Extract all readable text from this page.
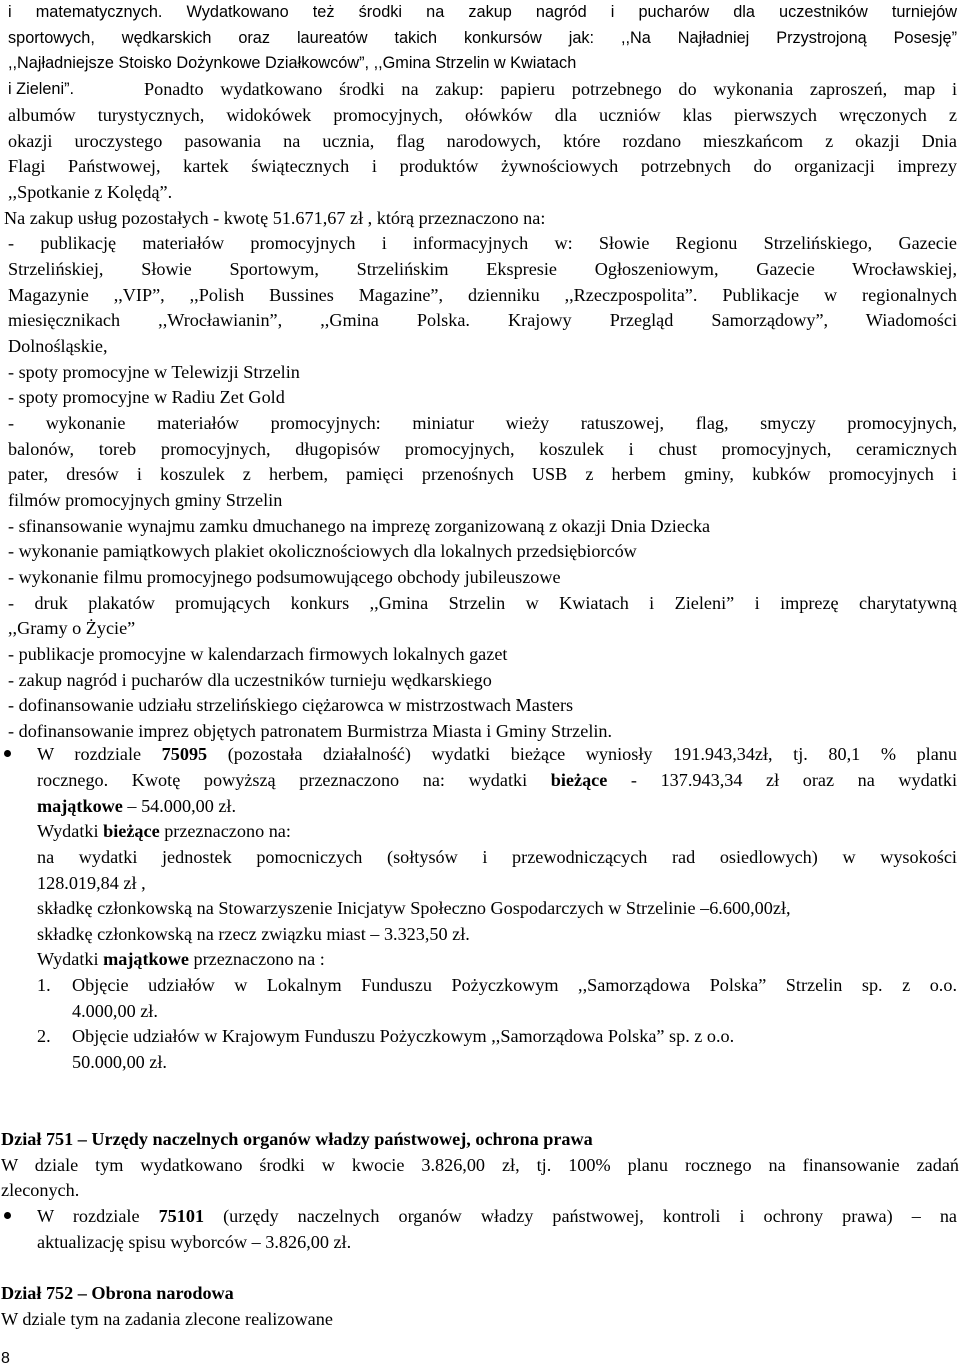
i matematycznych. Wydatkowano też środki na zakup nagród i pucharów dla uczestników turniejów
sportowych, wędkarskich oraz laureatów takich konkursów jak: ,,Na Najładniej Przystrojoną Posesję”
,,Najładniejsze Stoisko Dożynkowe Działkowców”, ,,Gmina Strzelin w Kwiatach
i Zieleni”.	Ponadto wydatkowano środki na zakup: papieru potrzebnego do wykonania zaproszeń, map i
albumów turystycznych, widokówek promocyjnych, ołówków dla uczniów klas pierwszych wręczonych z
okazji uroczystego pasowania na ucznia, flag narodowych, które rozdano mieszkańcom z okazji Dnia
Flagi Państwowej, kartek świątecznych i produktów żywnościowych potrzebnych do organizacji imprezy
,,Spotkanie z Kolędą”.
Na zakup usług pozostałych - kwotę 51.671,67 zł , którą przeznaczono na:
- publikację materiałów promocyjnych i informacyjnych w: Słowie Regionu Strzelińskiego, Gazecie
Strzelińskiej, Słowie Sportowym, Strzelińskim Ekspresie Ogłoszeniowym, Gazecie Wrocławskiej,
Magazynie ,,VIP”, ,,Polish Bussines Magazine”, dzienniku ,,Rzeczpospolita”. Publikacje w regionalnych
miesięcznikach ,,Wrocławianin”, ,,Gmina Polska. Krajowy Przegląd Samorządowy”, Wiadomości
Dolnośląskie,
- spoty promocyjne w Telewizji Strzelin
- spoty promocyjne w Radiu Zet Gold
- wykonanie materiałów promocyjnych: miniatur wieży ratuszowej, flag, smyczy promocyjnych,
balonów, toreb promocyjnych, długopisów promocyjnych, koszulek i chust promocyjnych, ceramicznych
pater, dresów i koszulek z herbem, pamięci przenośnych USB z herbem gminy, kubków promocyjnych i
filmów promocyjnych gminy Strzelin
- sfinansowanie wynajmu zamku dmuchanego na imprezę zorganizowaną z okazji Dnia Dziecka
- wykonanie pamiątkowych plakiet okolicznościowych dla lokalnych przedsiębiorców
- wykonanie filmu promocyjnego podsumowującego obchody jubileuszowe
- druk plakatów promujących konkurs ,,Gmina Strzelin w Kwiatach i Zieleni” i imprezę charytatywną
,,Gramy o Życie”
- publikacje promocyjne w kalendarzach firmowych lokalnych gazet
- zakup nagród i pucharów dla uczestników turnieju wędkarskiego
- dofinansowanie udziału strzelińskiego ciężarowca w mistrzostwach Masters
- dofinansowanie imprez objętych patronatem Burmistrza Miasta i Gminy Strzelin.
W rozdziale 75095 (pozostała działalność) wydatki bieżące wyniosły 191.943,34zł, tj. 80,1 % planu
rocznego. Kwotę powyższą przeznaczono na: wydatki bieżące - 137.943,34 zł oraz na wydatki
majątkowe – 54.000,00 zł.
Wydatki bieżące przeznaczono na:
na wydatki jednostek pomocniczych (sołtysów i przewodniczących rad osiedlowych) w wysokości
128.019,84 zł ,
składkę członkowską na Stowarzyszenie Inicjatyw Społeczno Gospodarczych w Strzelinie –6.600,00zł,
składkę członkowską na rzecz związku miast – 3.323,50 zł.
Wydatki majątkowe przeznaczono na :
1. Objęcie udziałów w Lokalnym Funduszu Pożyczkowym ,,Samorządowa Polska” Strzelin sp. z o.o.
4.000,00 zł.
2. Objęcie udziałów w Krajowym Funduszu Pożyczkowym ,,Samorządowa Polska” sp. z o.o.
50.000,00 zł.
Dział 751 – Urzędy naczelnych organów władzy państwowej, ochrona prawa
W dziale tym wydatkowano środki w kwocie 3.826,00 zł, tj. 100% planu rocznego na finansowanie zadań
zleconych.
W rozdziale 75101 (urzędy naczelnych organów władzy państwowej, kontroli i ochrony prawa) – na
aktualizację spisu wyborców – 3.826,00 zł.
Dział 752 – Obrona narodowa
W dziale tym na zadania zlecone realizowane
8
